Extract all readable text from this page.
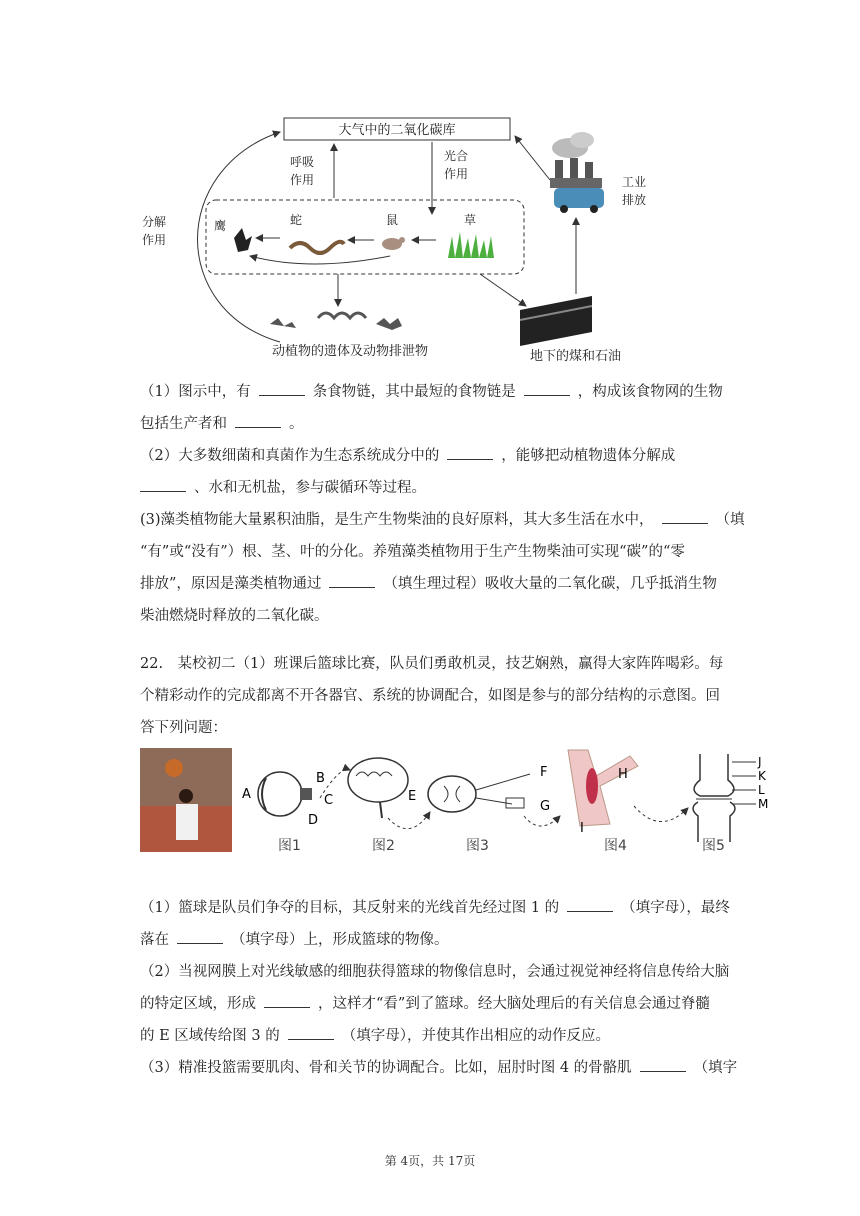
大气中的二氧化碳库
呼吸
作用
光合
作用
分解
作用
工业
排放
鹰	蛇	鼠	草
动植物的遗体及动物排泄物	地下的煤和石油

（1）图示中，有	条食物链，其中最短的食物链是	，构成该食物网的生物

包括生产者和	。

（2）大多数细菌和真菌作为生态系统成分中的	，能够把动植物遗体分解成

、水和无机盐，参与碳循环等过程。

(3)藻类植物能大量累积油脂，是生产生物柴油的良好原料，其大多生活在水中，	（填

“有”或“没有”）根、茎、叶的分化。养殖藻类植物用于生产生物柴油可实现“碳”的“零

排放”，原因是藻类植物通过	（填生理过程）吸收大量的二氧化碳，几乎抵消生物

柴油燃烧时释放的二氧化碳。

22.　某校初二（1）班课后篮球比赛，队员们勇敢机灵，技艺娴熟，赢得大家阵阵喝彩。每

个精彩动作的完成都离不开各器官、系统的协调配合，如图是参与的部分结构的示意图。回

答下列问题：

A
B
C
D
图1	图2
E
F
G
图3
H
I
图4
J
K
L
M
图5

（1）篮球是队员们争夺的目标，其反射来的光线首先经过图 1 的	（填字母），最终

落在	（填字母）上，形成篮球的物像。

（2）当视网膜上对光线敏感的细胞获得篮球的物像信息时，会通过视觉神经将信息传给大脑

的特定区域，形成	，这样才“看”到了篮球。经大脑处理后的有关信息会通过脊髓

的 E 区域传给图 3 的	（填字母），并使其作出相应的动作反应。

（3）精准投篮需要肌肉、骨和关节的协调配合。比如，屈肘时图 4 的骨骼肌	（填字

第 4页，共 17页
